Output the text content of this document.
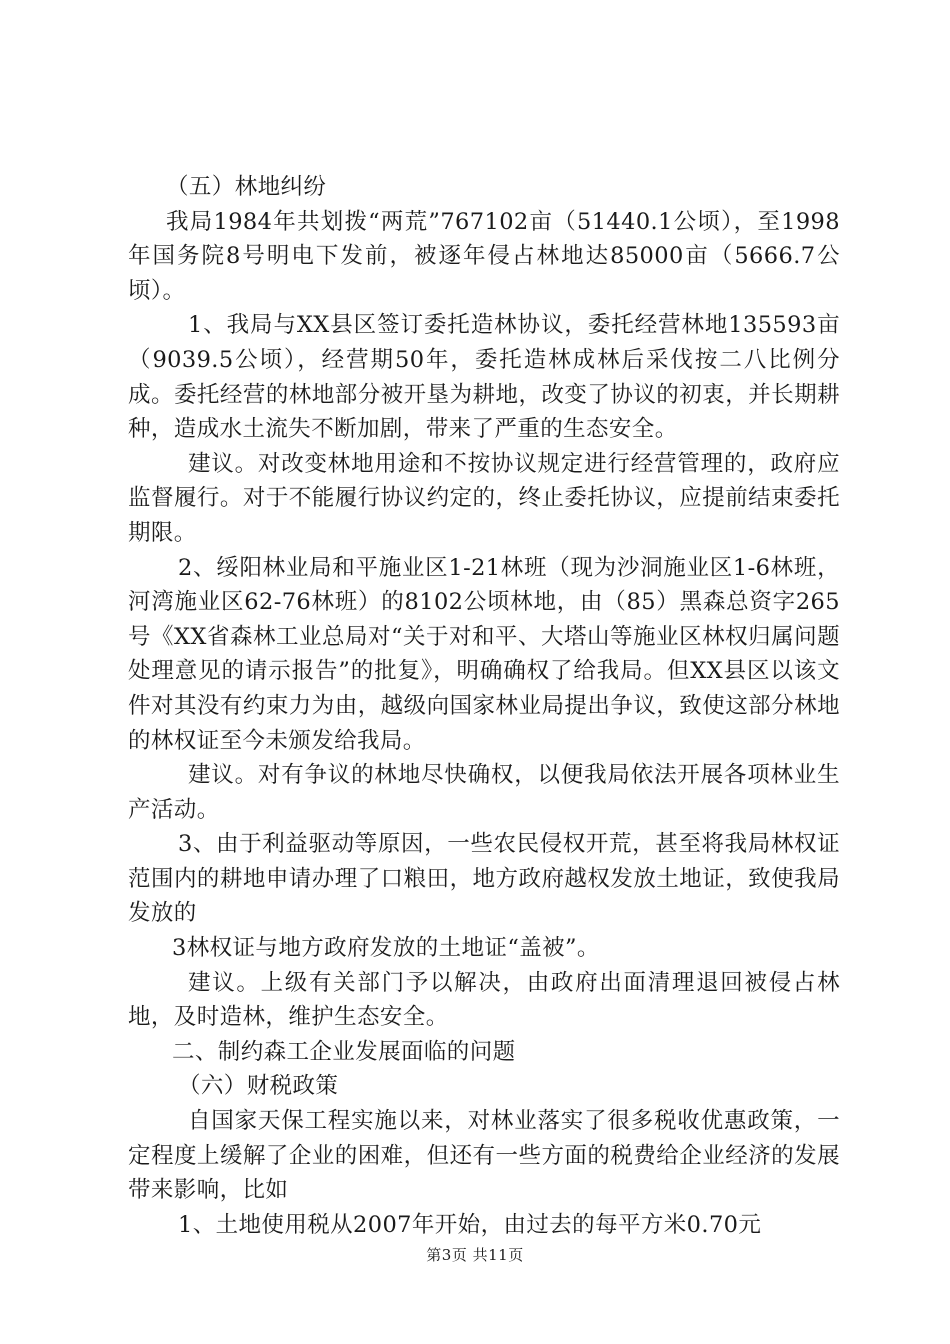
（五）林地纠纷

我局1984年共划拨“两荒”767102亩（51440.1公顷），至1998年国务院8号明电下发前，被逐年侵占林地达85000亩（5666.7公顷）。

1、我局与XX县区签订委托造林协议，委托经营林地135593亩（9039.5公顷），经营期50年，委托造林成林后采伐按二八比例分成。委托经营的林地部分被开垦为耕地，改变了协议的初衷，并长期耕种，造成水土流失不断加剧，带来了严重的生态安全。

建议。对改变林地用途和不按协议规定进行经营管理的，政府应监督履行。对于不能履行协议约定的，终止委托协议，应提前结束委托期限。

2、绥阳林业局和平施业区1-21林班（现为沙洞施业区1-6林班，河湾施业区62-76林班）的8102公顷林地，由（85）黑森总资字265号《XX省森林工业总局对“关于对和平、大塔山等施业区林权归属问题处理意见的请示报告”的批复》，明确确权了给我局。但XX县区以该文件对其没有约束力为由，越级向国家林业局提出争议，致使这部分林地的林权证至今未颁发给我局。

建议。对有争议的林地尽快确权，以便我局依法开展各项林业生产活动。

3、由于利益驱动等原因，一些农民侵权开荒，甚至将我局林权证范围内的耕地申请办理了口粮田，地方政府越权发放土地证，致使我局发放的

3林权证与地方政府发放的土地证“盖被”。

建议。上级有关部门予以解决，由政府出面清理退回被侵占林地，及时造林，维护生态安全。

二、制约森工企业发展面临的问题

（六）财税政策

自国家天保工程实施以来，对林业落实了很多税收优惠政策，一定程度上缓解了企业的困难，但还有一些方面的税费给企业经济的发展带来影响，比如

1、土地使用税从2007年开始，由过去的每平方米0.70元

第3页 共11页
